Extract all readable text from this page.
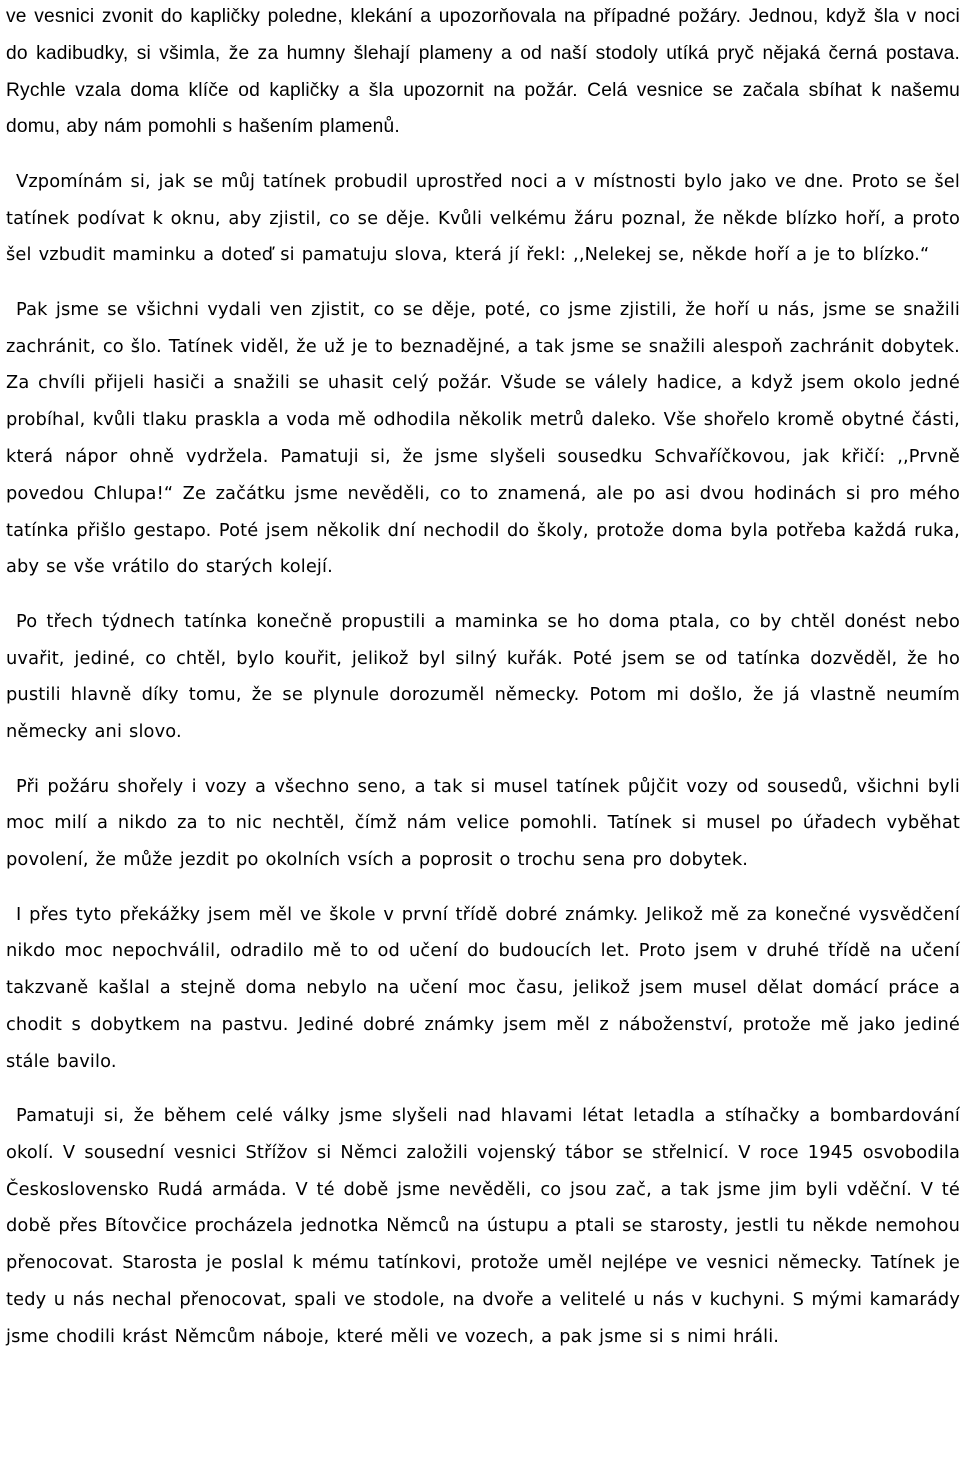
ve vesnici zvonit do kapličky poledne, klekání a upozorňovala na případné požáry. Jednou, když šla v noci do kadibudky, si všimla, že za humny šlehají plameny a od naší stodoly utíká pryč nějaká černá postava. Rychle vzala doma klíče od kapličky a šla upozornit na požár. Celá vesnice se začala sbíhat k našemu domu, aby nám pomohli s hašením plamenů.

Vzpomínám si, jak se můj tatínek probudil uprostřed noci a v místnosti bylo jako ve dne. Proto se šel tatínek podívat k oknu, aby zjistil, co se děje. Kvůli velkému žáru poznal, že někde blízko hoří, a proto šel vzbudit maminku a doteď si pamatuju slova, která jí řekl: ,,Nelekej se, někde hoří a je to blízko.“

Pak jsme se všichni vydali ven zjistit, co se děje, poté, co jsme zjistili, že hoří u nás, jsme se snažili zachránit, co šlo. Tatínek viděl, že už je to beznadějné, a tak jsme se snažili alespoň zachránit dobytek. Za chvíli přijeli hasiči a snažili se uhasit celý požár. Všude se válely hadice, a když jsem okolo jedné probíhal, kvůli tlaku praskla a voda mě odhodila několik metrů daleko. Vše shořelo kromě obytné části, která nápor ohně vydržela. Pamatuji si, že jsme slyšeli sousedku Schvaříčkovou, jak křičí: ,,Prvně povedou Chlupa!“ Ze začátku jsme nevěděli, co to znamená, ale po asi dvou hodinách si pro mého tatínka přišlo gestapo. Poté jsem několik dní nechodil do školy, protože doma byla potřeba každá ruka, aby se vše vrátilo do starých kolejí.

Po třech týdnech tatínka konečně propustili a maminka se ho doma ptala, co by chtěl donést nebo uvařit, jediné, co chtěl, bylo kouřit, jelikož byl silný kuřák. Poté jsem se od tatínka dozvěděl, že ho pustili hlavně díky tomu, že se plynule dorozuměl německy. Potom mi došlo, že já vlastně neumím německy ani slovo.

Při požáru shořely i vozy a všechno seno, a tak si musel tatínek půjčit vozy od sousedů, všichni byli moc milí a nikdo za to nic nechtěl, čímž nám velice pomohli. Tatínek si musel po úřadech vyběhat povolení, že může jezdit po okolních vsích a poprosit o trochu sena pro dobytek.

I přes tyto překážky jsem měl ve škole v první třídě dobré známky. Jelikož mě za konečné vysvědčení nikdo moc nepochválil, odradilo mě to od učení do budoucích let. Proto jsem v druhé třídě na učení takzvaně kašlal a stejně doma nebylo na učení moc času, jelikož jsem musel dělat domácí práce a chodit s dobytkem na pastvu. Jediné dobré známky jsem měl z náboženství, protože mě jako jediné stále bavilo.

Pamatuji si, že během celé války jsme slyšeli nad hlavami létat letadla a stíhačky a bombardování okolí. V sousední vesnici Střížov si Němci založili vojenský tábor se střelnicí. V roce 1945 osvobodila Československo Rudá armáda. V té době jsme nevěděli, co jsou zač, a tak jsme jim byli vděční. V té době přes Bítovčice procházela jednotka Němců na ústupu a ptali se starosty, jestli tu někde nemohou přenocovat. Starosta je poslal k mému tatínkovi, protože uměl nejlépe ve vesnici německy. Tatínek je tedy u nás nechal přenocovat, spali ve stodole, na dvoře a velitelé u nás v kuchyni. S mými kamarády jsme chodili krást Němcům náboje, které měli ve vozech, a pak jsme si s nimi hráli.
